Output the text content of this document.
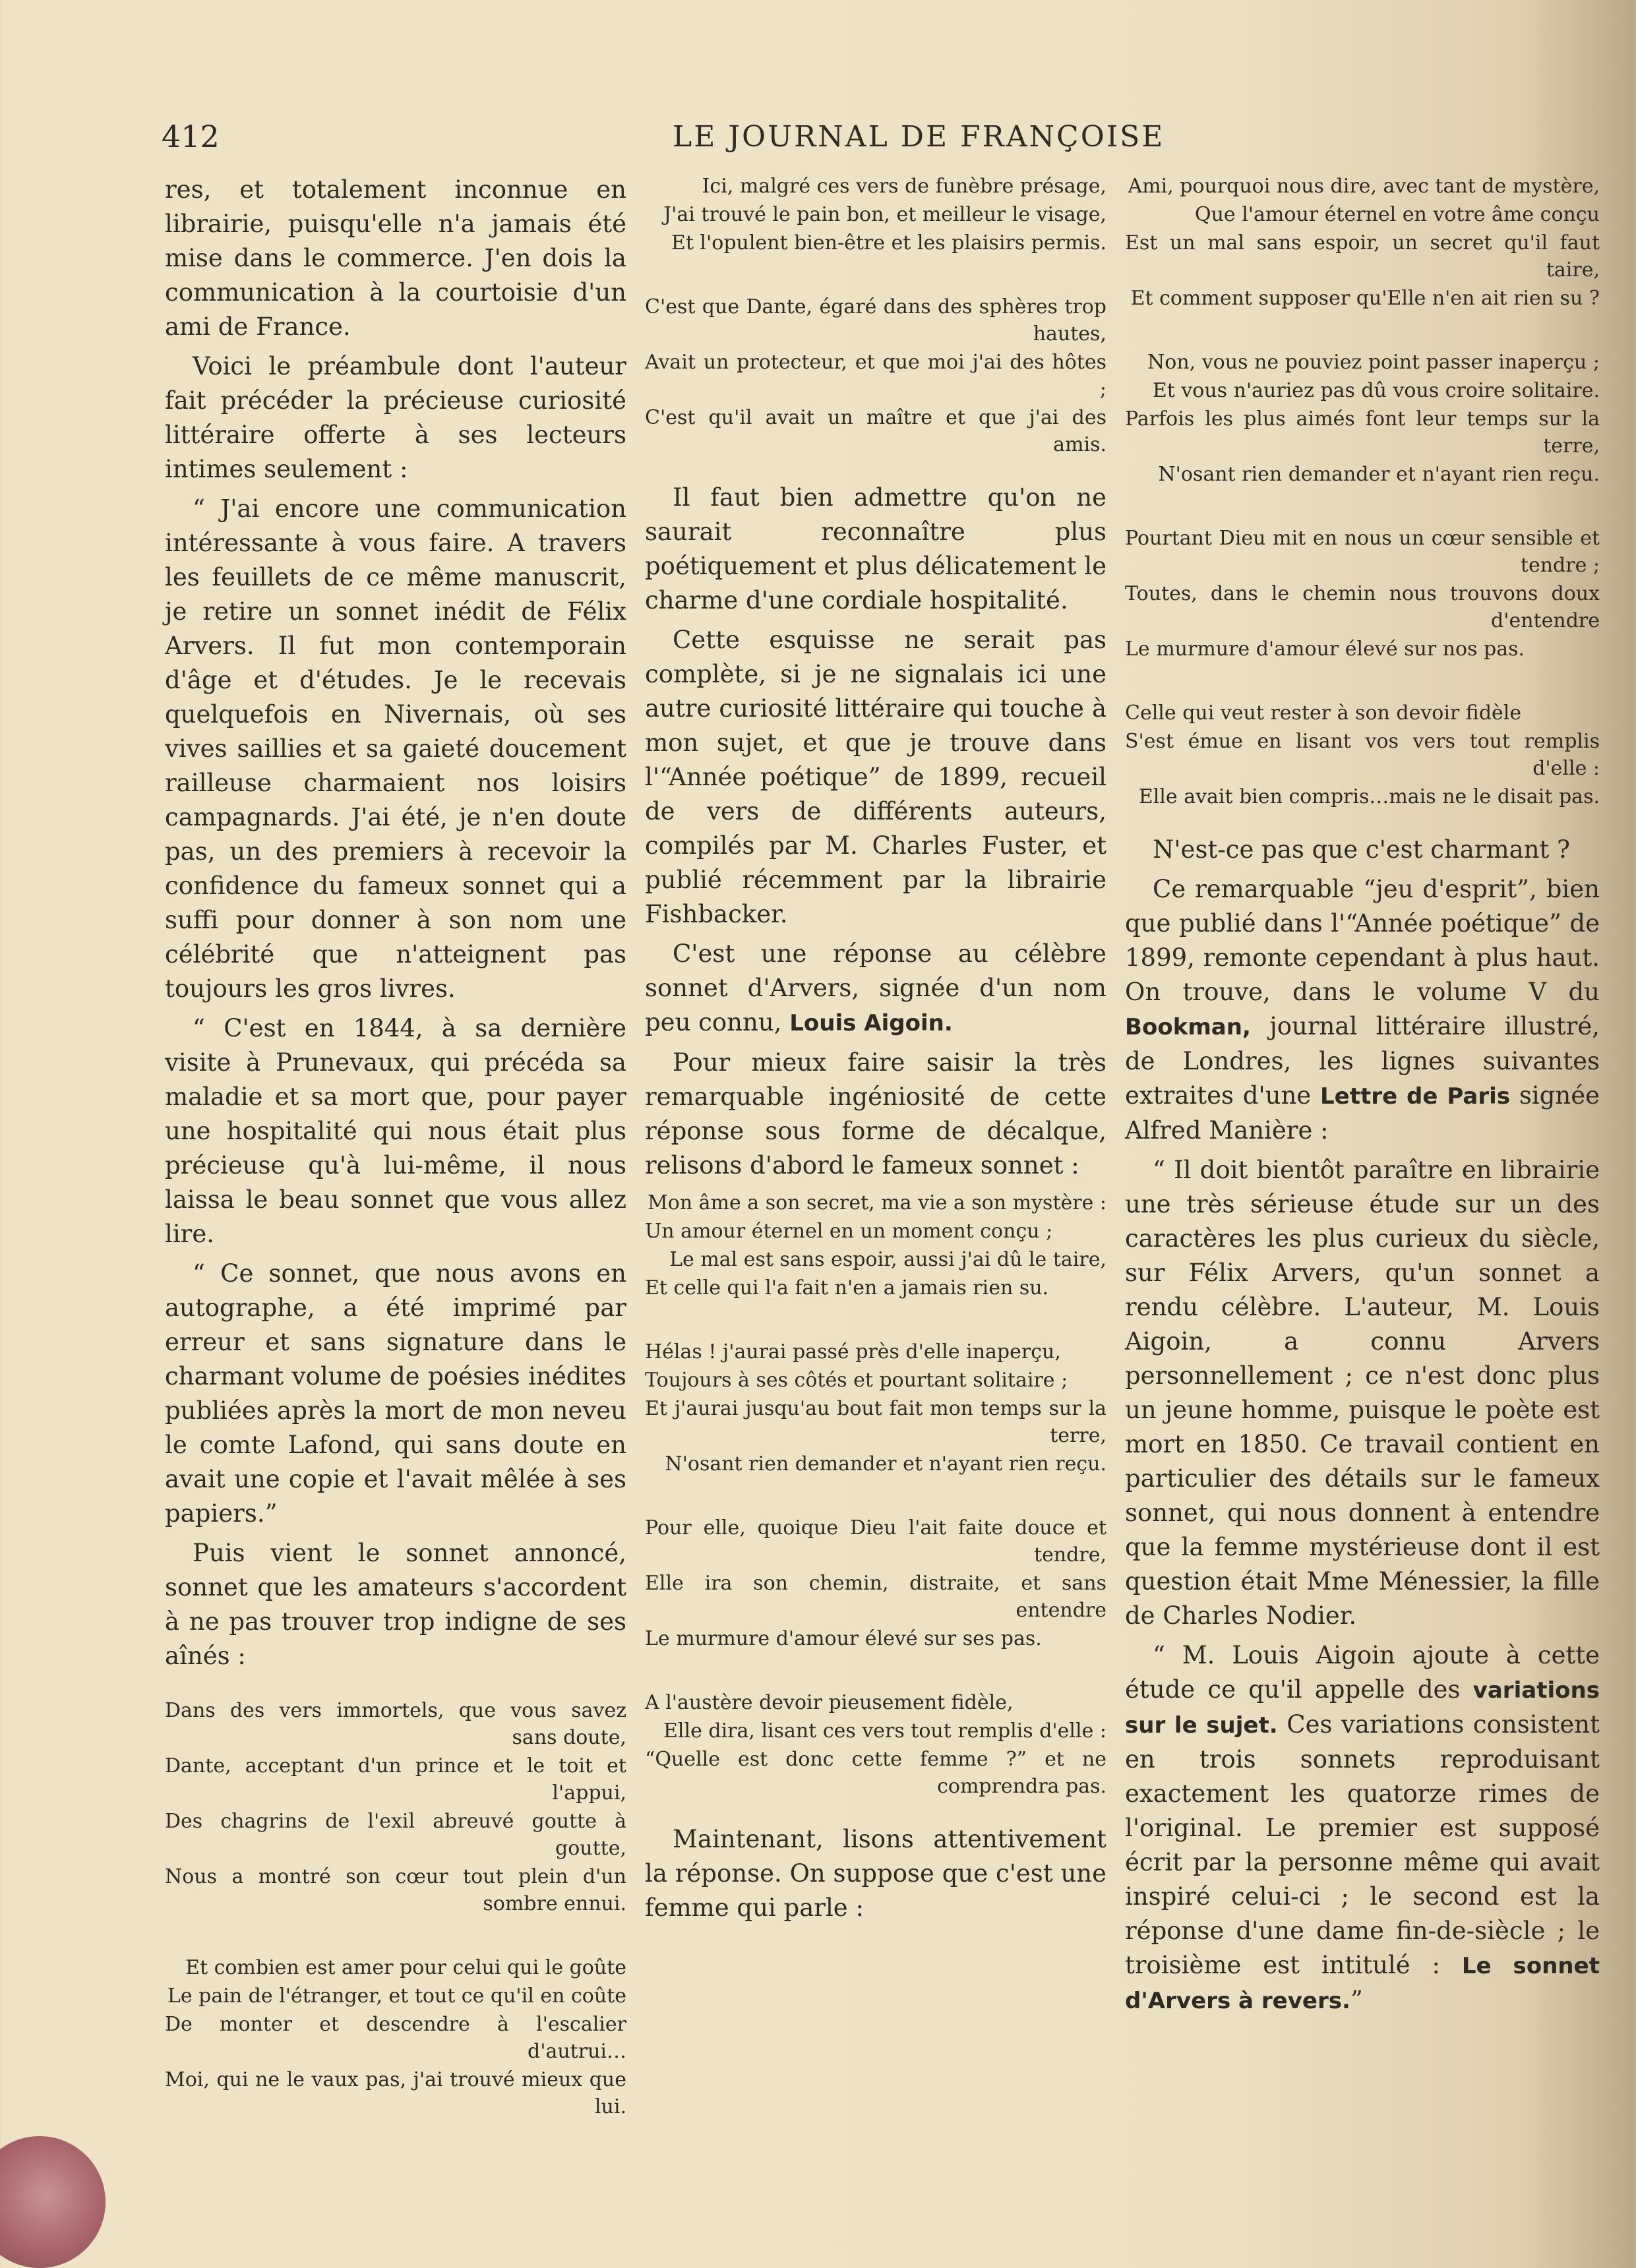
412	LE JOURNAL DE FRANÇOISE

res, et totalement inconnue en librairie, puisqu'elle n'a jamais été mise dans le commerce. J'en dois la communication à la courtoisie d'un ami de France.

Voici le préambule dont l'auteur fait précéder la précieuse curiosité littéraire offerte à ses lecteurs intimes seulement :

“ J'ai encore une communication intéressante à vous faire. A travers les feuillets de ce même manuscrit, je retire un sonnet inédit de Félix Arvers. Il fut mon contemporain d'âge et d'études. Je le recevais quelquefois en Nivernais, où ses vives saillies et sa gaieté doucement railleuse charmaient nos loisirs campagnards. J'ai été, je n'en doute pas, un des premiers à recevoir la confidence du fameux sonnet qui a suffi pour donner à son nom une célébrité que n'atteignent pas toujours les gros livres.

“ C'est en 1844, à sa dernière visite à Prunevaux, qui précéda sa maladie et sa mort que, pour payer une hospitalité qui nous était plus précieuse qu'à lui-même, il nous laissa le beau sonnet que vous allez lire.

“ Ce sonnet, que nous avons en autographe, a été imprimé par erreur et sans signature dans le charmant volume de poésies inédites publiées après la mort de mon neveu le comte Lafond, qui sans doute en avait une copie et l'avait mêlée à ses papiers.”

Puis vient le sonnet annoncé, sonnet que les amateurs s'accordent à ne pas trouver trop indigne de ses aînés :

Dans des vers immortels, que vous savez sans doute,
Dante, acceptant d'un prince et le toit et l'appui,
Des chagrins de l'exil abreuvé goutte à goutte,
Nous a montré son cœur tout plein d'un sombre ennui.
Et combien est amer pour celui qui le goûte
Le pain de l'étranger, et tout ce qu'il en coûte
De monter et descendre à l'escalier d'autrui…
Moi, qui ne le vaux pas, j'ai trouvé mieux que lui.
Ici, malgré ces vers de funèbre présage,
J'ai trouvé le pain bon, et meilleur le visage,
Et l'opulent bien-être et les plaisirs permis.
C'est que Dante, égaré dans des sphères trop hautes,
Avait un protecteur, et que moi j'ai des hôtes ;
C'est qu'il avait un maître et que j'ai des amis.

Il faut bien admettre qu'on ne saurait reconnaître plus poétiquement et plus délicatement le charme d'une cordiale hospitalité.

Cette esquisse ne serait pas complète, si je ne signalais ici une autre curiosité littéraire qui touche à mon sujet, et que je trouve dans l'“Année poétique” de 1899, recueil de vers de différents auteurs, compilés par M. Charles Fuster, et publié récemment par la librairie Fishbacker.

C'est une réponse au célèbre sonnet d'Arvers, signée d'un nom peu connu, Louis Aigoin.

Pour mieux faire saisir la très remarquable ingéniosité de cette réponse sous forme de décalque, relisons d'abord le fameux sonnet :

Mon âme a son secret, ma vie a son mystère :
Un amour éternel en un moment conçu ;
Le mal est sans espoir, aussi j'ai dû le taire,
Et celle qui l'a fait n'en a jamais rien su.
Hélas ! j'aurai passé près d'elle inaperçu,
Toujours à ses côtés et pourtant solitaire ;
Et j'aurai jusqu'au bout fait mon temps sur la terre,
N'osant rien demander et n'ayant rien reçu.
Pour elle, quoique Dieu l'ait faite douce et tendre,
Elle ira son chemin, distraite, et sans entendre
Le murmure d'amour élevé sur ses pas.
A l'austère devoir pieusement fidèle,
Elle dira, lisant ces vers tout remplis d'elle :
“Quelle est donc cette femme ?” et ne comprendra pas.

Maintenant, lisons attentivement la réponse. On suppose que c'est une femme qui parle :

Ami, pourquoi nous dire, avec tant de mystère,
Que l'amour éternel en votre âme conçu
Est un mal sans espoir, un secret qu'il faut taire,
Et comment supposer qu'Elle n'en ait rien su ?
Non, vous ne pouviez point passer inaperçu ;
Et vous n'auriez pas dû vous croire solitaire.
Parfois les plus aimés font leur temps sur la terre,
N'osant rien demander et n'ayant rien reçu.
Pourtant Dieu mit en nous un cœur sensible et tendre ;
Toutes, dans le chemin nous trouvons doux d'entendre
Le murmure d'amour élevé sur nos pas.
Celle qui veut rester à son devoir fidèle
S'est émue en lisant vos vers tout remplis d'elle :
Elle avait bien compris…mais ne le disait pas.

N'est-ce pas que c'est charmant ?

Ce remarquable “jeu d'esprit”, bien que publié dans l'“Année poétique” de 1899, remonte cependant à plus haut. On trouve, dans le volume V du Bookman, journal littéraire illustré, de Londres, les lignes suivantes extraites d'une Lettre de Paris signée Alfred Manière :

“ Il doit bientôt paraître en librairie une très sérieuse étude sur un des caractères les plus curieux du siècle, sur Félix Arvers, qu'un sonnet a rendu célèbre. L'auteur, M. Louis Aigoin, a connu Arvers personnellement ; ce n'est donc plus un jeune homme, puisque le poète est mort en 1850. Ce travail contient en particulier des détails sur le fameux sonnet, qui nous donnent à entendre que la femme mystérieuse dont il est question était Mme Ménessier, la fille de Charles Nodier.

“ M. Louis Aigoin ajoute à cette étude ce qu'il appelle des variations sur le sujet. Ces variations consistent en trois sonnets reproduisant exactement les quatorze rimes de l'original. Le premier est supposé écrit par la personne même qui avait inspiré celui-ci ; le second est la réponse d'une dame fin-de-siècle ; le troisième est intitulé : Le sonnet d'Arvers à revers.”
